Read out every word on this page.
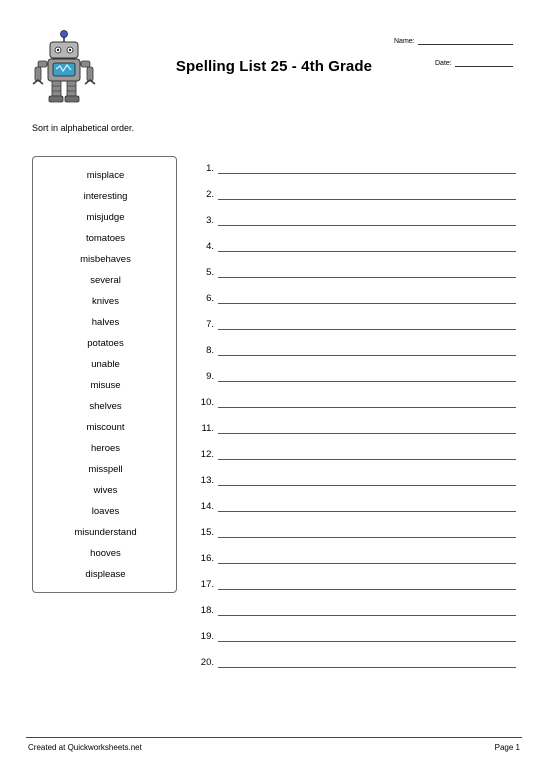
Spelling List 25 - 4th Grade
Name:
Date:
Sort in alphabetical order.
misplace
interesting
misjudge
tomatoes
misbehaves
several
knives
halves
potatoes
unable
misuse
shelves
miscount
heroes
misspell
wives
loaves
misunderstand
hooves
displease
1.
2.
3.
4.
5.
6.
7.
8.
9.
10.
11.
12.
13.
14.
15.
16.
17.
18.
19.
20.
Created at Quickworksheets.net	Page 1
